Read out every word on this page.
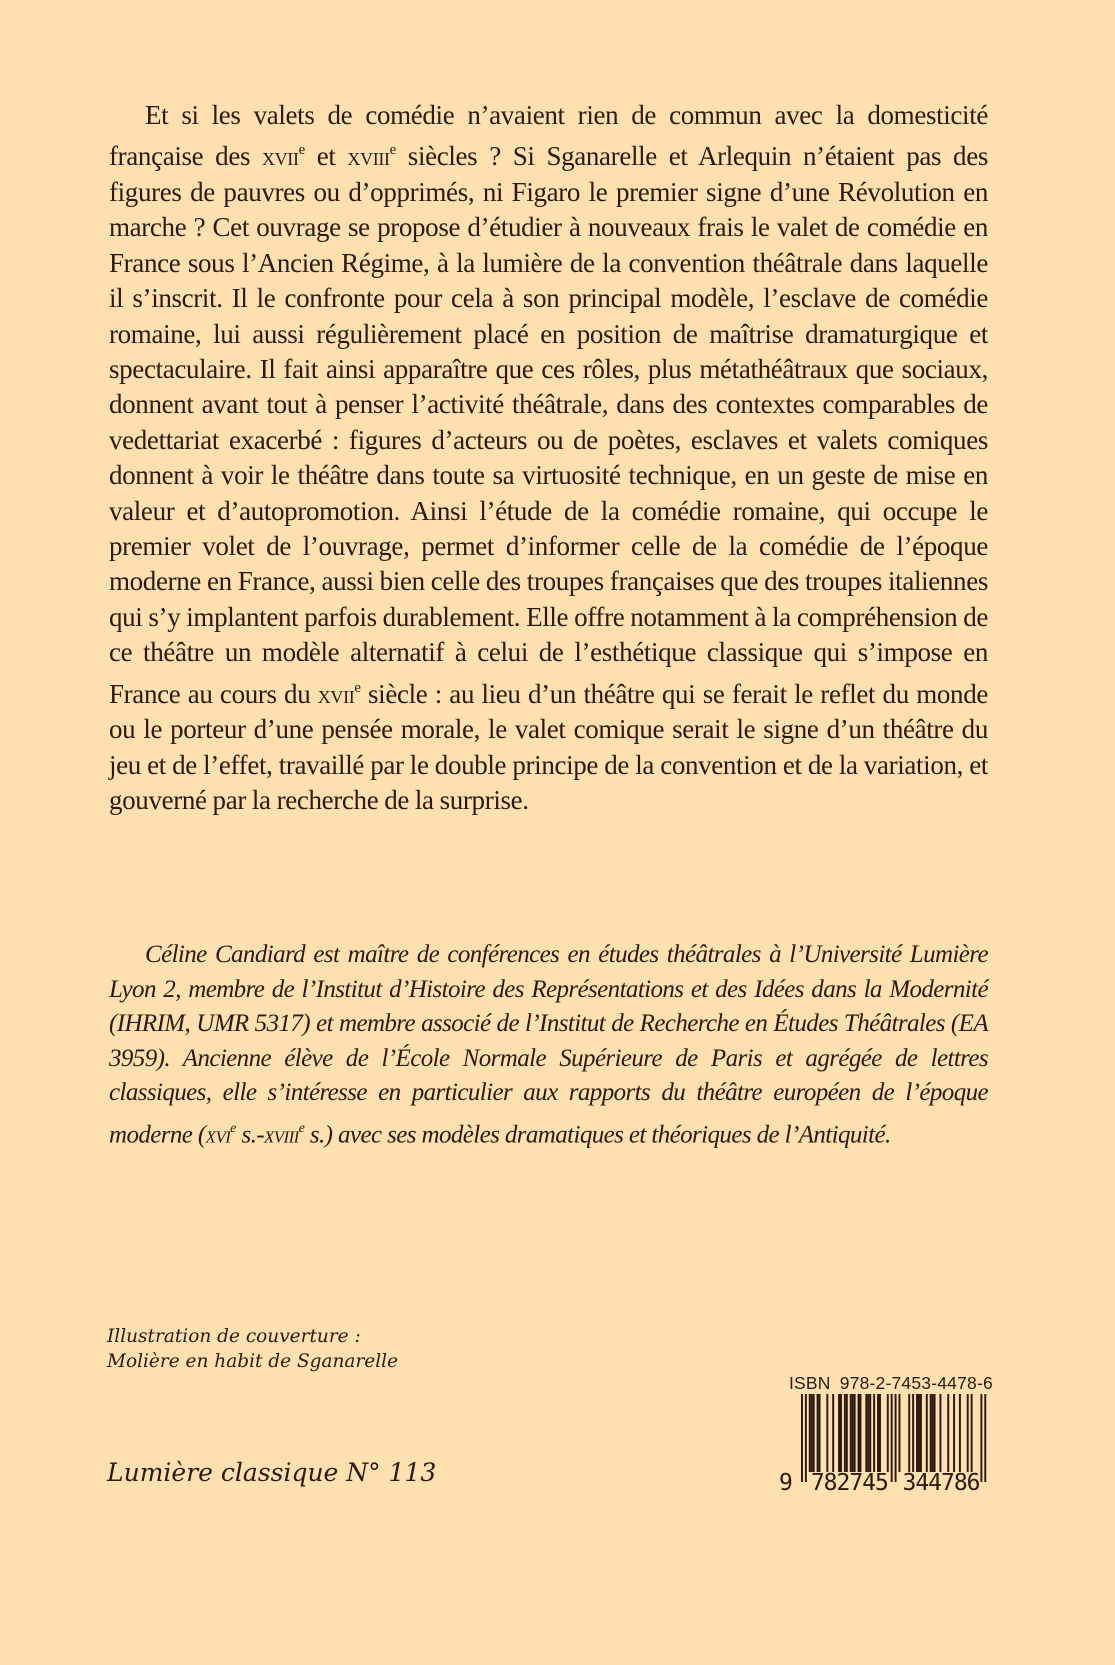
Et si les valets de comédie n’avaient rien de commun avec la domesticité française des xvii$^e$ et xviii$^e$ siècles ? Si Sganarelle et Arlequin n’étaient pas des figures de pauvres ou d’opprimés, ni Figaro le premier signe d’une Révolution en marche ? Cet ouvrage se propose d’étudier à nouveaux frais le valet de comédie en France sous l’Ancien Régime, à la lumière de la convention théâtrale dans laquelle il s’inscrit. Il le confronte pour cela à son principal modèle, l’esclave de comédie romaine, lui aussi régulièrement placé en position de maîtrise dramaturgique et spectaculaire. Il fait ainsi apparaître que ces rôles, plus métathéâtraux que sociaux, donnent avant tout à penser l’activité théâtrale, dans des contextes comparables de vedettariat exacerbé : figures d’acteurs ou de poètes, esclaves et valets comiques donnent à voir le théâtre dans toute sa virtuosité technique, en un geste de mise en valeur et d’autopromotion. Ainsi l’étude de la comédie romaine, qui occupe le premier volet de l’ouvrage, permet d’informer celle de la comédie de l’époque moderne en France, aussi bien celle des troupes françaises que des troupes italiennes qui s’y implantent parfois durablement. Elle offre notamment à la compréhension de ce théâtre un modèle alternatif à celui de l’esthétique classique qui s’impose en France au cours du xvii$^e$ siècle : au lieu d’un théâtre qui se ferait le reflet du monde ou le porteur d’une pensée morale, le valet comique serait le signe d’un théâtre du jeu et de l’effet, travaillé par le double principe de la convention et de la variation, et gouverné par la recherche de la surprise.

Céline Candiard est maître de conférences en études théâtrales à l’Université Lumière Lyon 2, membre de l’Institut d’Histoire des Représentations et des Idées dans la Modernité (IHRIM, UMR 5317) et membre associé de l’Institut de Recherche en Études Théâtrales (EA 3959). Ancienne élève de l’École Normale Supérieure de Paris et agrégée de lettres classiques, elle s’intéresse en particulier aux rapports du théâtre européen de l’époque moderne (xvi$^e$ s.-xviii$^e$ s.) avec ses modèles dramatiques et théoriques de l’Antiquité.

Illustration de couverture :
Molière en habit de Sganarelle
Lumière classique N° 113
ISBN 978-2-7453-4478-6
9 782745 344786
